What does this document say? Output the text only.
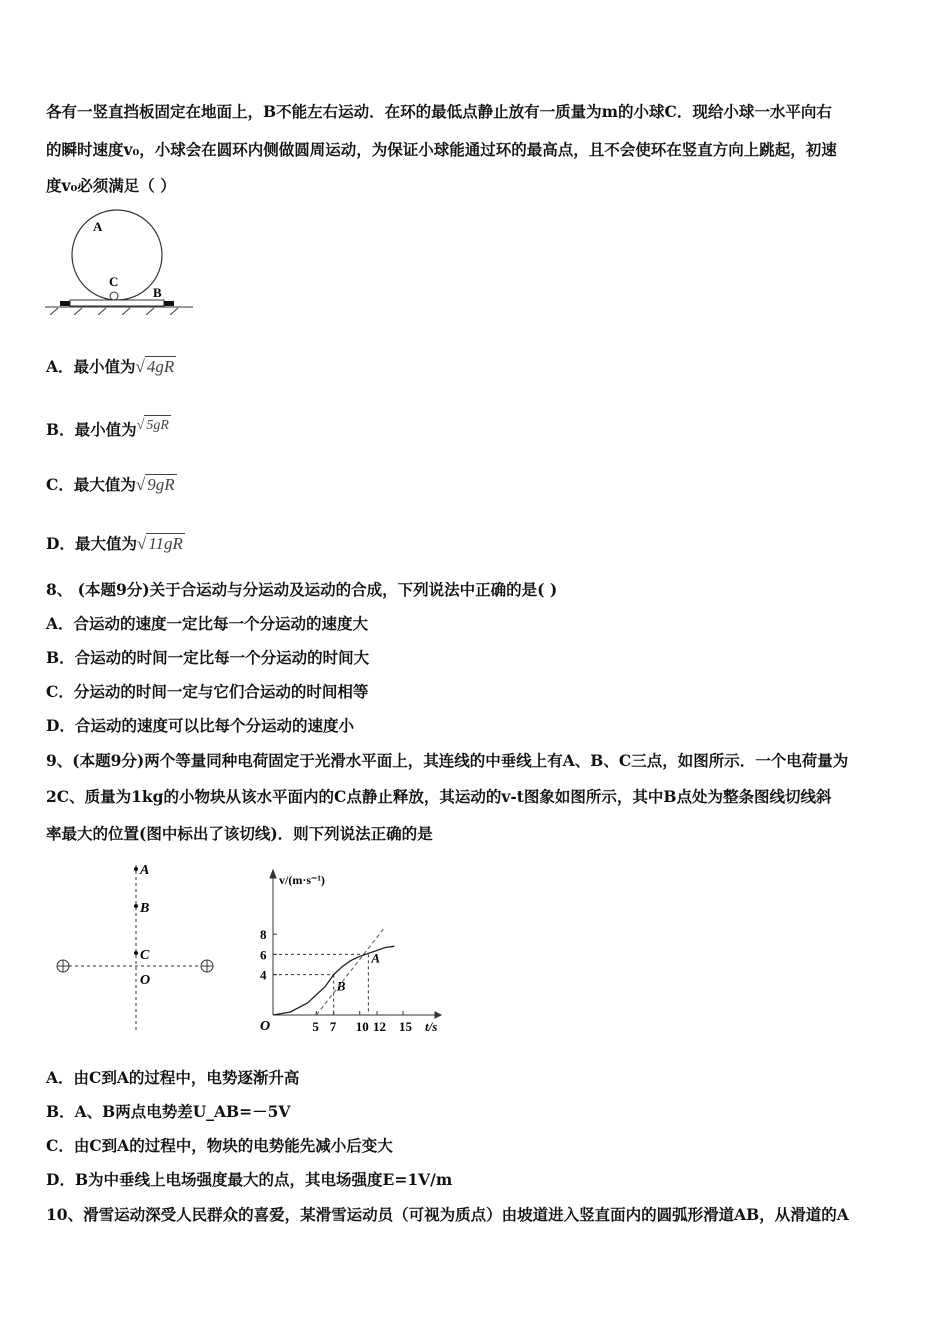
各有一竖直挡板固定在地面上，B不能左右运动．在环的最低点静止放有一质量为m的小球C．现给小球一水平向右
的瞬时速度v₀，小球会在圆环内侧做圆周运动，为保证小球能通过环的最高点，且不会使环在竖直方向上跳起，初速
度v₀必须满足（ ）
A
C
B
A．最小值为√ 4gR
B．最小值为√ 5gR
C．最大值为√ 9gR
D．最大值为√ 11gR
8、 (本题9分)关于合运动与分运动及运动的合成，下列说法中正确的是( )
A．合运动的速度一定比每一个分运动的速度大
B．合运动的时间一定比每一个分运动的时间大
C．分运动的时间一定与它们合运动的时间相等
D．合运动的速度可以比每个分运动的速度小
9、(本题9分)两个等量同种电荷固定于光滑水平面上，其连线的中垂线上有A、B、C三点，如图所示．一个电荷量为
2C、质量为1kg的小物块从该水平面内的C点静止释放，其运动的v-t图象如图所示，其中B点处为整条图线切线斜
率最大的位置(图中标出了该切线)．则下列说法正确的是
A
B
C
O
v/(m·s⁻¹)
t/s
O	5 7 10 12 15
4
6
8
B
A
A．由C到A的过程中，电势逐渐升高
B．A、B两点电势差U_AB=－5V
C．由C到A的过程中，物块的电势能先减小后变大
D．B为中垂线上电场强度最大的点，其电场强度E=1V/m
10、滑雪运动深受人民群众的喜爱，某滑雪运动员（可视为质点）由坡道进入竖直面内的圆弧形滑道AB，从滑道的A
